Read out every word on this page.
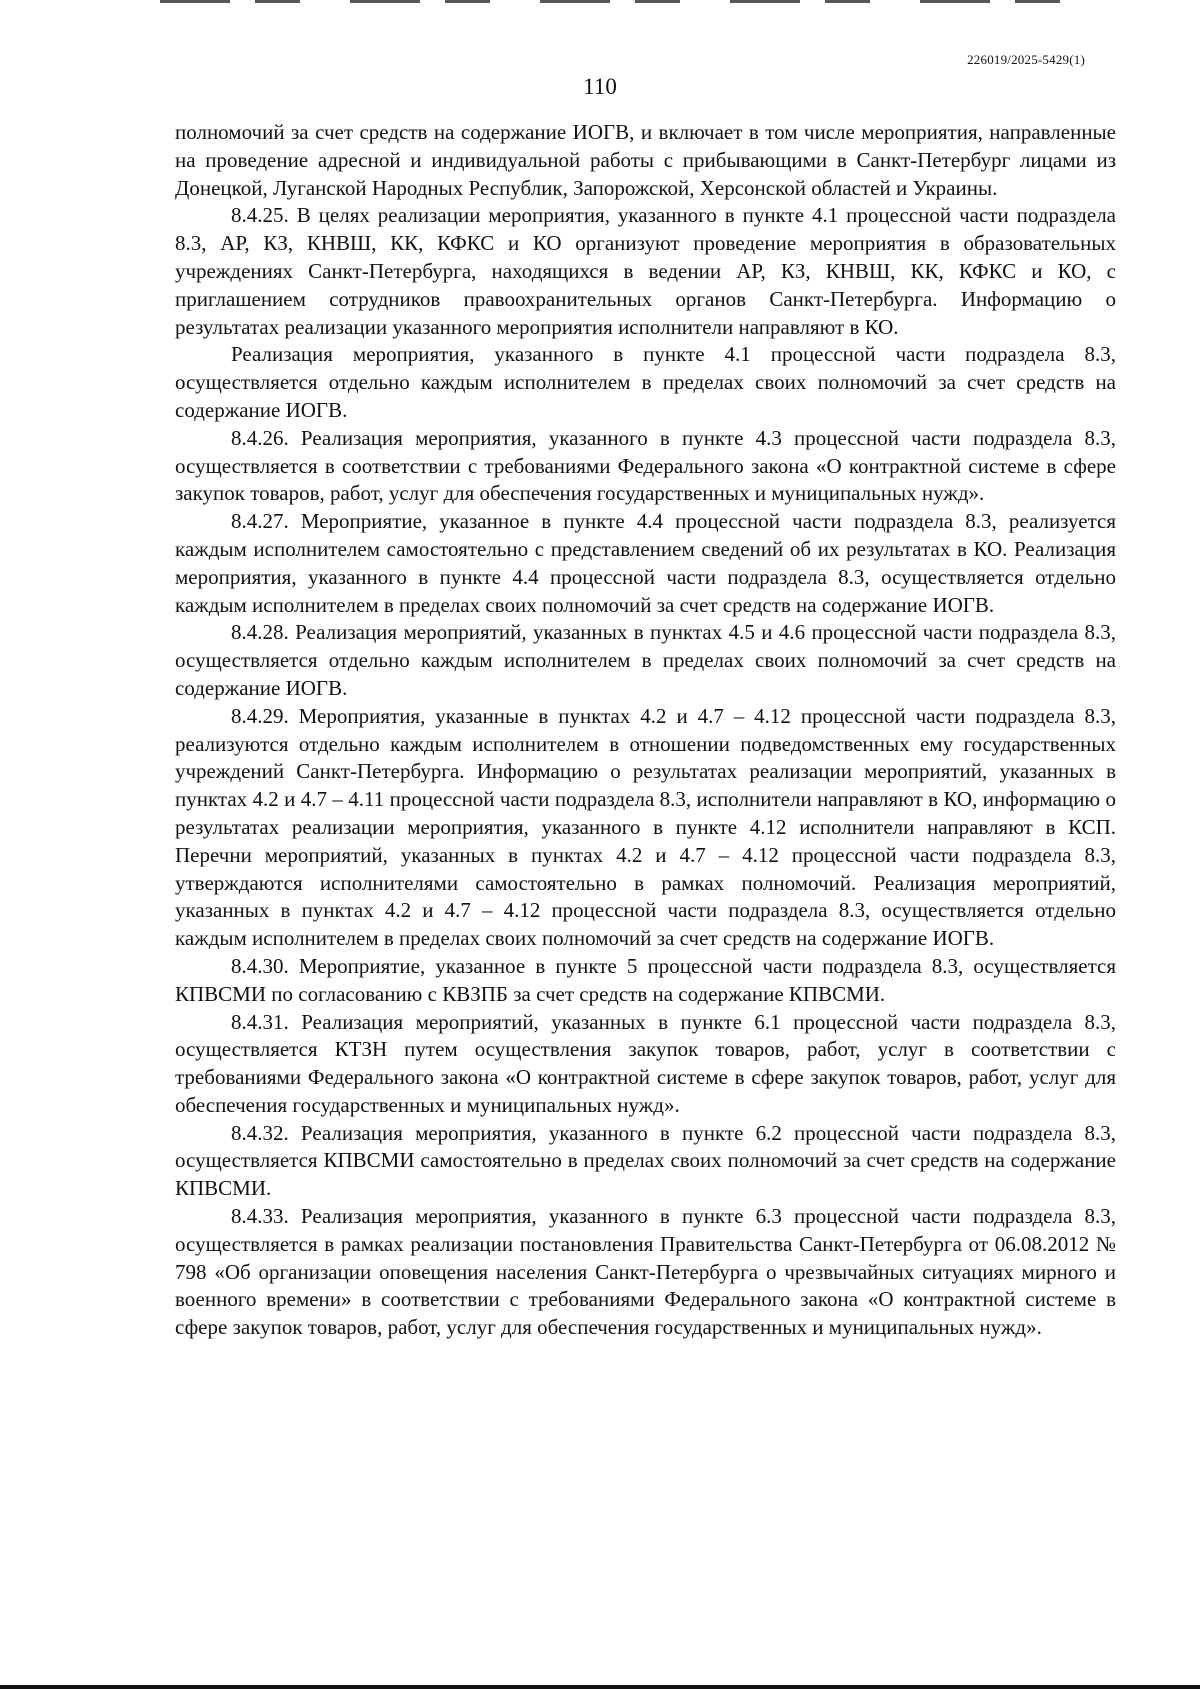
226019/2025-5429(1)
110

полномочий за счет средств на содержание ИОГВ, и включает в том числе мероприятия, направленные на проведение адресной и индивидуальной работы с прибывающими в Санкт-Петербург лицами из Донецкой, Луганской Народных Республик, Запорожской, Херсонской областей и Украины.

8.4.25. В целях реализации мероприятия, указанного в пункте 4.1 процессной части подраздела 8.3, АР, КЗ, КНВШ, КК, КФКС и КО организуют проведение мероприятия в образовательных учреждениях Санкт-Петербурга, находящихся в ведении АР, КЗ, КНВШ, КК, КФКС и КО, с приглашением сотрудников правоохранительных органов Санкт-Петербурга. Информацию о результатах реализации указанного мероприятия исполнители направляют в КО.

Реализация мероприятия, указанного в пункте 4.1 процессной части подраздела 8.3, осуществляется отдельно каждым исполнителем в пределах своих полномочий за счет средств на содержание ИОГВ.

8.4.26. Реализация мероприятия, указанного в пункте 4.3 процессной части подраздела 8.3, осуществляется в соответствии с требованиями Федерального закона «О контрактной системе в сфере закупок товаров, работ, услуг для обеспечения государственных и муниципальных нужд».

8.4.27. Мероприятие, указанное в пункте 4.4 процессной части подраздела 8.3, реализуется каждым исполнителем самостоятельно с представлением сведений об их результатах в КО. Реализация мероприятия, указанного в пункте 4.4 процессной части подраздела 8.3, осуществляется отдельно каждым исполнителем в пределах своих полномочий за счет средств на содержание ИОГВ.

8.4.28. Реализация мероприятий, указанных в пунктах 4.5 и 4.6 процессной части подраздела 8.3, осуществляется отдельно каждым исполнителем в пределах своих полномочий за счет средств на содержание ИОГВ.

8.4.29. Мероприятия, указанные в пунктах 4.2 и 4.7 – 4.12 процессной части подраздела 8.3, реализуются отдельно каждым исполнителем в отношении подведомственных ему государственных учреждений Санкт-Петербурга. Информацию о результатах реализации мероприятий, указанных в пунктах 4.2 и 4.7 – 4.11 процессной части подраздела 8.3, исполнители направляют в КО, информацию о результатах реализации мероприятия, указанного в пункте 4.12 исполнители направляют в КСП. Перечни мероприятий, указанных в пунктах 4.2 и 4.7 – 4.12 процессной части подраздела 8.3, утверждаются исполнителями самостоятельно в рамках полномочий. Реализация мероприятий, указанных в пунктах 4.2 и 4.7 – 4.12 процессной части подраздела 8.3, осуществляется отдельно каждым исполнителем в пределах своих полномочий за счет средств на содержание ИОГВ.

8.4.30. Мероприятие, указанное в пункте 5 процессной части подраздела 8.3, осуществляется КПВСМИ по согласованию с КВЗПБ за счет средств на содержание КПВСМИ.

8.4.31. Реализация мероприятий, указанных в пункте 6.1 процессной части подраздела 8.3, осуществляется КТЗН путем осуществления закупок товаров, работ, услуг в соответствии с требованиями Федерального закона «О контрактной системе в сфере закупок товаров, работ, услуг для обеспечения государственных и муниципальных нужд».

8.4.32. Реализация мероприятия, указанного в пункте 6.2 процессной части подраздела 8.3, осуществляется КПВСМИ самостоятельно в пределах своих полномочий за счет средств на содержание КПВСМИ.

8.4.33. Реализация мероприятия, указанного в пункте 6.3 процессной части подраздела 8.3, осуществляется в рамках реализации постановления Правительства Санкт-Петербурга от 06.08.2012 № 798 «Об организации оповещения населения Санкт-Петербурга о чрезвычайных ситуациях мирного и военного времени» в соответствии с требованиями Федерального закона «О контрактной системе в сфере закупок товаров, работ, услуг для обеспечения государственных и муниципальных нужд».
